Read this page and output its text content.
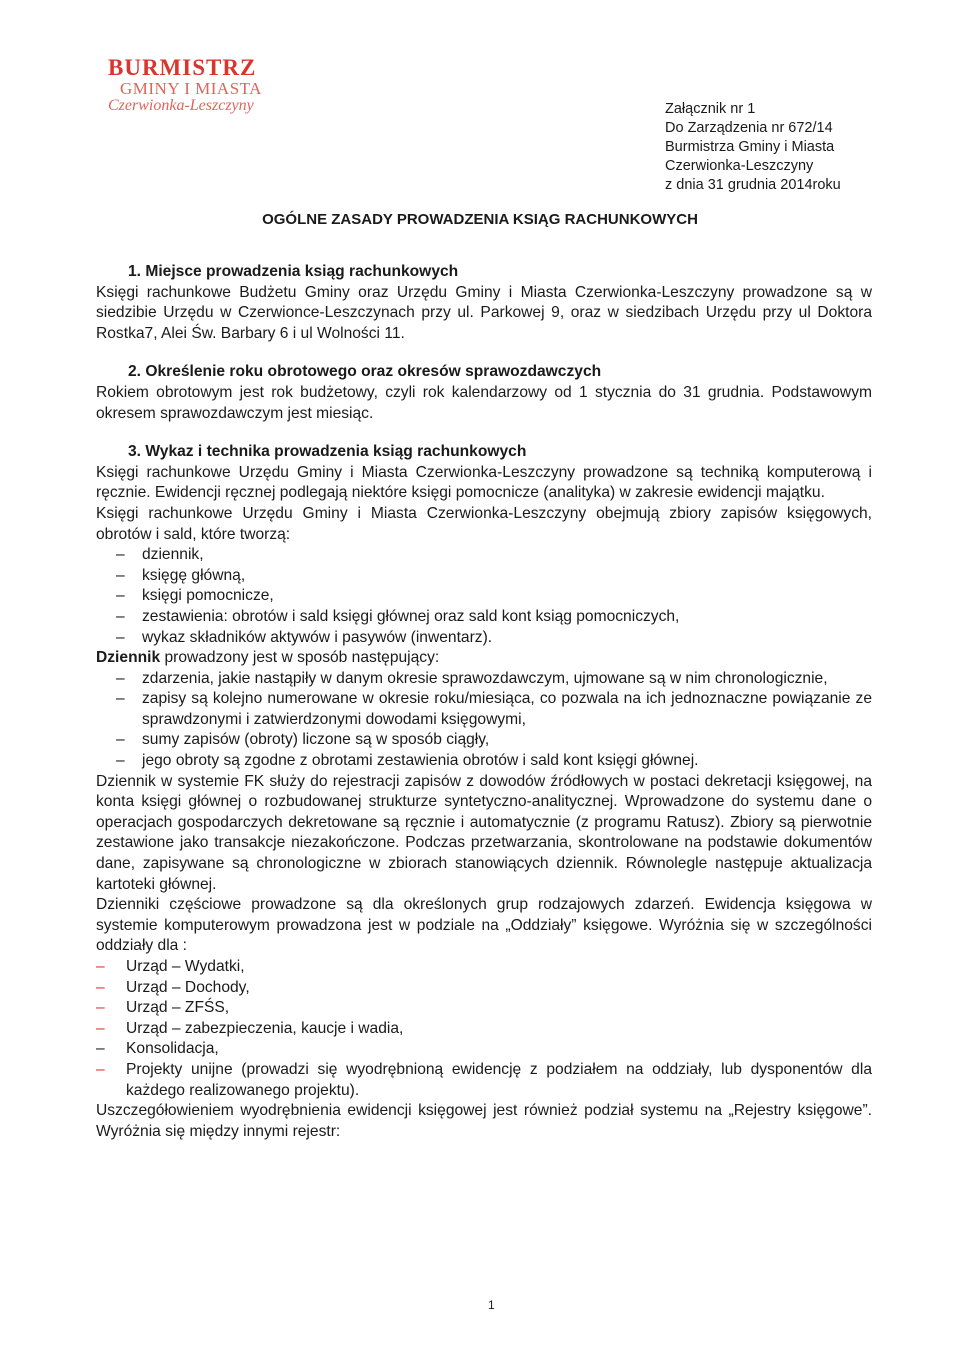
BURMISTRZ
GMINY I MIASTA
Czerwionka-Leszczyny	Załącznik nr 1
Do Zarządzenia nr 672/14
Burmistrza Gminy i Miasta
Czerwionka-Leszczyny
z dnia 31 grudnia 2014roku
OGÓLNE ZASADY PROWADZENIA KSIĄG RACHUNKOWYCH

1. Miejsce prowadzenia ksiąg rachunkowych

Księgi rachunkowe Budżetu Gminy oraz Urzędu Gminy i Miasta Czerwionka-Leszczyny prowadzone są w siedzibie Urzędu w Czerwionce-Leszczynach przy ul. Parkowej 9, oraz w siedzibach Urzędu przy ul Doktora Rostka7, Alei Św. Barbary 6 i ul Wolności 11.

2. Określenie roku obrotowego oraz okresów sprawozdawczych

Rokiem obrotowym jest rok budżetowy, czyli rok kalendarzowy od 1 stycznia do 31 grudnia. Podstawowym okresem sprawozdawczym jest miesiąc.

3. Wykaz i technika prowadzenia ksiąg rachunkowych

Księgi rachunkowe Urzędu Gminy i Miasta Czerwionka-Leszczyny prowadzone są techniką komputerową i ręcznie. Ewidencji ręcznej podlegają niektóre księgi pomocnicze (analityka) w zakresie ewidencji majątku.

Księgi rachunkowe Urzędu Gminy i Miasta Czerwionka-Leszczyny obejmują zbiory zapisów księgowych, obrotów i sald, które tworzą:

– dziennik,
– księgę główną,
– księgi pomocnicze,
– zestawienia: obrotów i sald księgi głównej oraz sald kont ksiąg pomocniczych,
– wykaz składników aktywów i pasywów (inwentarz).

Dziennik prowadzony jest w sposób następujący:

– zdarzenia, jakie nastąpiły w danym okresie sprawozdawczym, ujmowane są w nim chronologicznie,
– zapisy są kolejno numerowane w okresie roku/miesiąca, co pozwala na ich jednoznaczne powiązanie ze sprawdzonymi i zatwierdzonymi dowodami księgowymi,
– sumy zapisów (obroty) liczone są w sposób ciągły,
– jego obroty są zgodne z obrotami zestawienia obrotów i sald kont księgi głównej.

Dziennik w systemie FK służy do rejestracji zapisów z dowodów źródłowych w postaci dekretacji księgowej, na konta księgi głównej o rozbudowanej strukturze syntetyczno-analitycznej. Wprowadzone do systemu dane o operacjach gospodarczych dekretowane są ręcznie i automatycznie (z programu Ratusz). Zbiory są pierwotnie zestawione jako transakcje niezakończone. Podczas przetwarzania, skontrolowane na podstawie dokumentów dane, zapisywane są chronologiczne w zbiorach stanowiących dziennik. Równolegle następuje aktualizacja kartoteki głównej.

Dzienniki częściowe prowadzone są dla określonych grup rodzajowych zdarzeń. Ewidencja księgowa w systemie komputerowym prowadzona jest w podziale na „Oddziały” księgowe. Wyróżnia się w szczególności oddziały dla :

– Urząd – Wydatki,
– Urząd – Dochody,
– Urząd – ZFŚS,
– Urząd – zabezpieczenia, kaucje i wadia,
– Konsolidacja,
– Projekty unijne (prowadzi się wyodrębnioną ewidencję z podziałem na oddziały, lub dysponentów dla każdego realizowanego projektu).

Uszczegółowieniem wyodrębnienia ewidencji księgowej jest również podział systemu na „Rejestry księgowe”. Wyróżnia się między innymi rejestr:

1
